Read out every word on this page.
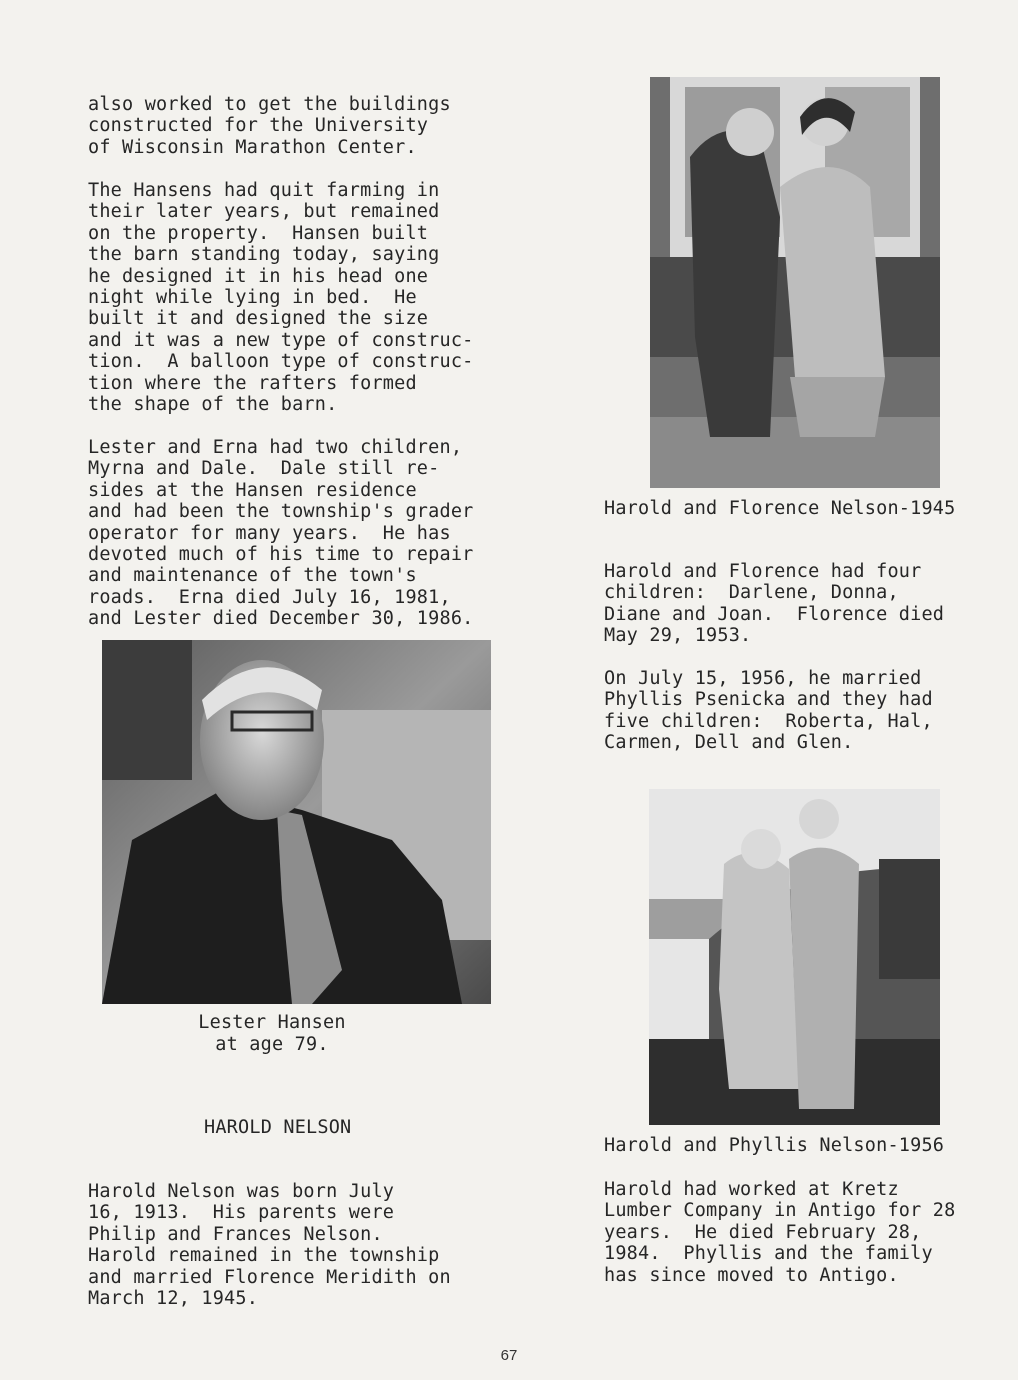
also worked to get the buildings
constructed for the University
of Wisconsin Marathon Center.
The Hansens had quit farming in
their later years, but remained
on the property.  Hansen built
the barn standing today, saying
he designed it in his head one
night while lying in bed.  He
built it and designed the size
and it was a new type of construc-
tion.  A balloon type of construc-
tion where the rafters formed
the shape of the barn.
Lester and Erna had two children,
Myrna and Dale.  Dale still re-
sides at the Hansen residence
and had been the township's grader
operator for many years.  He has
devoted much of his time to repair
and maintenance of the town's
roads.  Erna died July 16, 1981,
and Lester died December 30, 1986.
Lester Hansen
at age 79.
HAROLD NELSON
Harold Nelson was born July
16, 1913.  His parents were
Philip and Frances Nelson.
Harold remained in the township
and married Florence Meridith on
March 12, 1945.
Harold and Florence Nelson-1945
Harold and Florence had four
children:  Darlene, Donna,
Diane and Joan.  Florence died
May 29, 1953.
On July 15, 1956, he married
Phyllis Psenicka and they had
five children:  Roberta, Hal,
Carmen, Dell and Glen.
Harold and Phyllis Nelson-1956
Harold had worked at Kretz
Lumber Company in Antigo for 28
years.  He died February 28,
1984.  Phyllis and the family
has since moved to Antigo.
67
